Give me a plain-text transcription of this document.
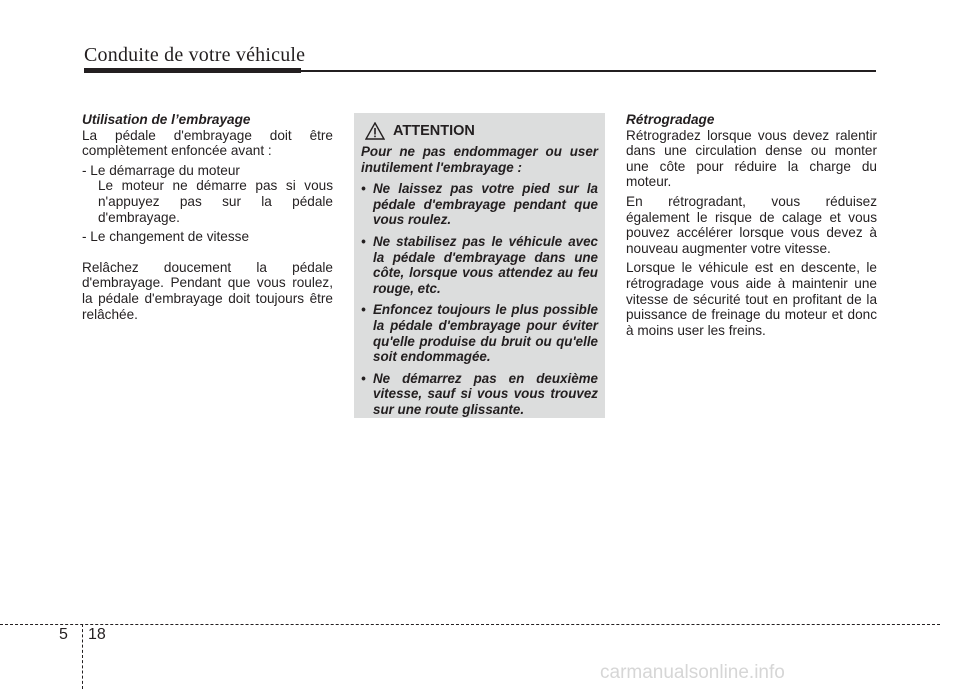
Conduite de votre véhicule

Utilisation de l’embrayage

La pédale d'embrayage doit être complètement enfoncée avant :

- Le démarrage du moteur
Le moteur ne démarre pas si vous n'appuyez pas sur la pédale d'embrayage.
- Le changement de vitesse

Relâchez doucement la pédale d'embrayage. Pendant que vous roulez, la pédale d'embrayage doit toujours être relâchée.

ATTENTION

Pour ne pas endommager ou user inutilement l'embrayage :

• Ne laissez pas votre pied sur la pédale d'embrayage pendant que vous roulez.
• Ne stabilisez pas le véhicule avec la pédale d'embrayage dans une côte, lorsque vous attendez au feu rouge, etc.
• Enfoncez toujours le plus possible la pédale d'embrayage pour éviter qu'elle produise du bruit ou qu'elle soit endommagée.
• Ne démarrez pas en deuxième vitesse, sauf si vous vous trouvez sur une route glissante.

Rétrogradage

Rétrogradez lorsque vous devez ralentir dans une circulation dense ou monter une côte pour réduire la charge du moteur.

En rétrogradant, vous réduisez également le risque de calage et vous pouvez accélérer lorsque vous devez à nouveau augmenter votre vitesse.

Lorsque le véhicule est en descente, le rétrogradage vous aide à maintenir une vitesse de sécurité tout en profitant de la puissance de freinage du moteur et donc à moins user les freins.

5 18
carmanualsonline.info
